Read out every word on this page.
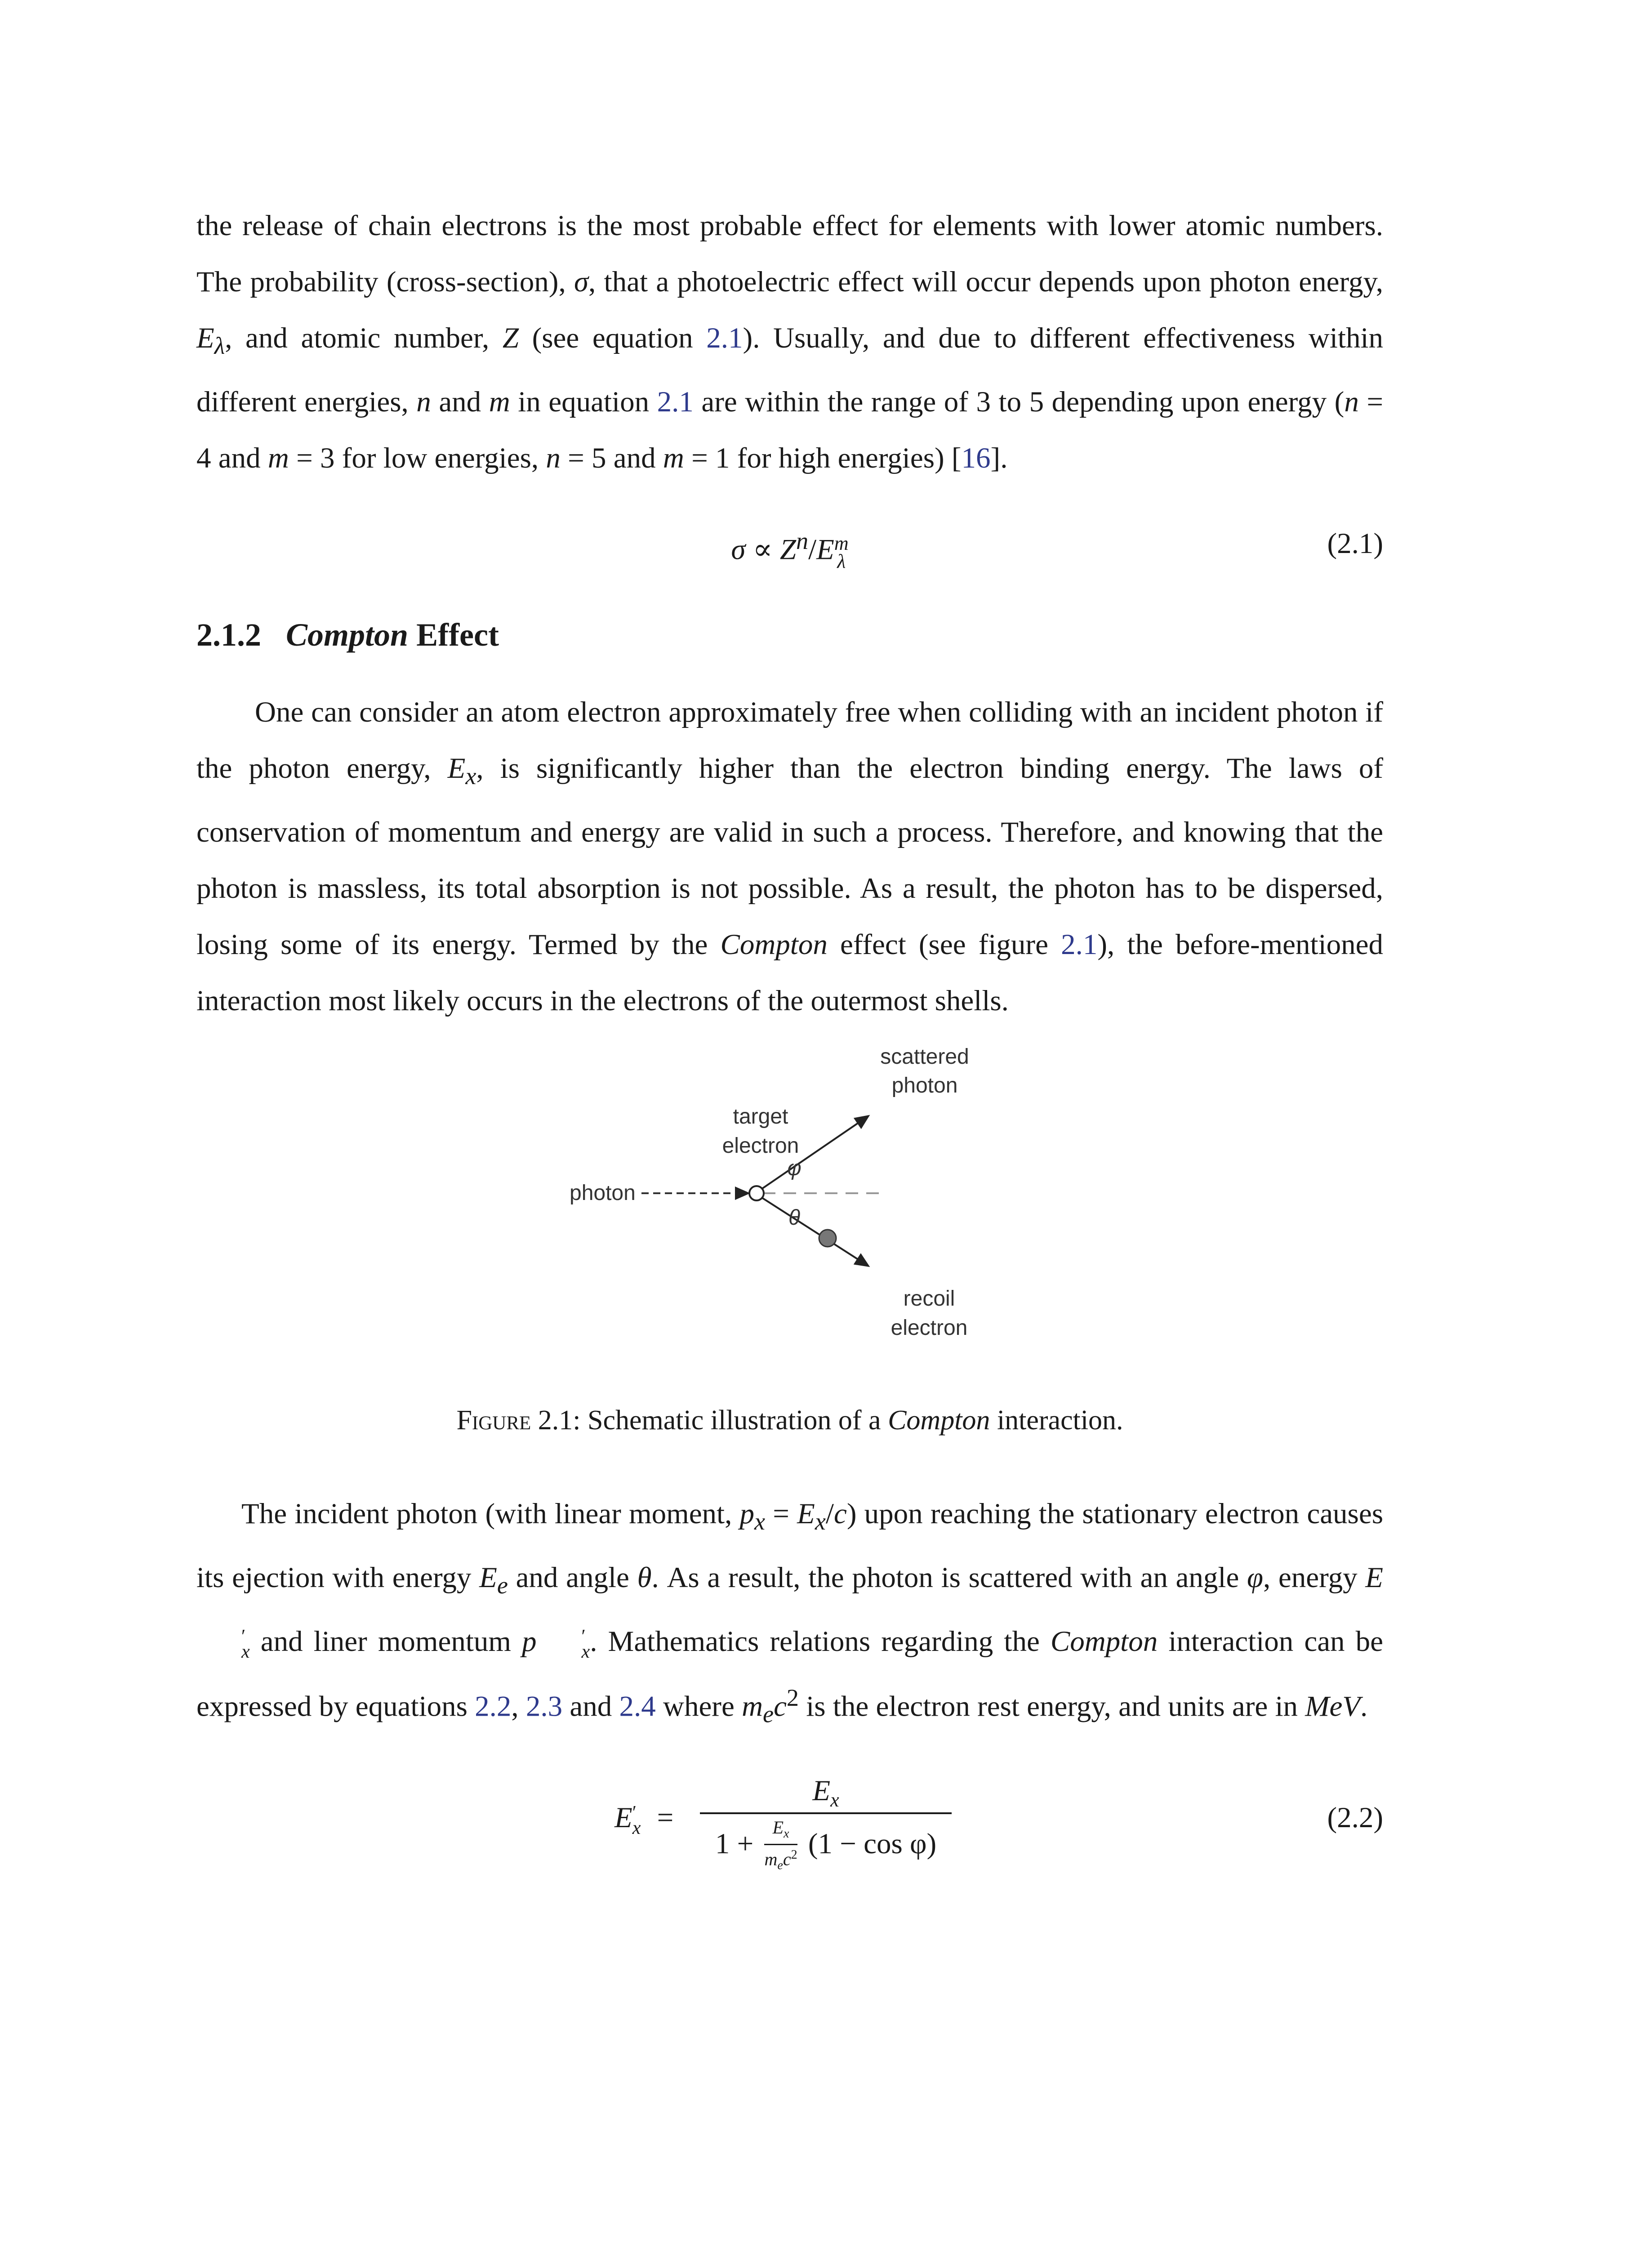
the release of chain electrons is the most probable effect for elements with lower atomic numbers. The probability (cross-section), σ, that a photoelectric effect will occur depends upon photon energy, $E_\lambda$, and atomic number, Z (see equation 2.1). Usually, and due to different effectiveness within different energies, n and m in equation 2.1 are within the range of 3 to 5 depending upon energy (n = 4 and m = 3 for low energies, n = 5 and m = 1 for high energies) [16].

$\sigma \propto Z^n/E$ m
λ
(2.1)
2.1.2 Compton Effect

One can consider an atom electron approximately free when colliding with an incident photon if the photon energy, $E_x$, is significantly higher than the electron binding energy. The laws of conservation of momentum and energy are valid in such a process. Therefore, and knowing that the photon is massless, its total absorption is not possible. As a result, the photon has to be dispersed, losing some of its energy. Termed by the Compton effect (see figure 2.1), the before-mentioned interaction most likely occurs in the electrons of the outermost shells.

scattered
photon
target
electron
photon
φ
θ
recoil
electron
Figure 2.1: Schematic illustration of a Compton interaction.

The incident photon (with linear moment, $p_x = E_x/c$) upon reaching the stationary electron causes its ejection with energy $E_e$ and angle θ. As a result, the photon is scattered with an angle φ, energy E
′
x and liner momentum p	′
x . Mathematics relations regarding the Compton interaction can be expressed by equations 2.2, 2.3 and 2.4 where $m_ec^2$ is the electron rest energy, and units are in MeV.

E ′
x =
$E_x$
1 +
$E_x$
$m_ec^2$ (1 − cos φ)
(2.2)
